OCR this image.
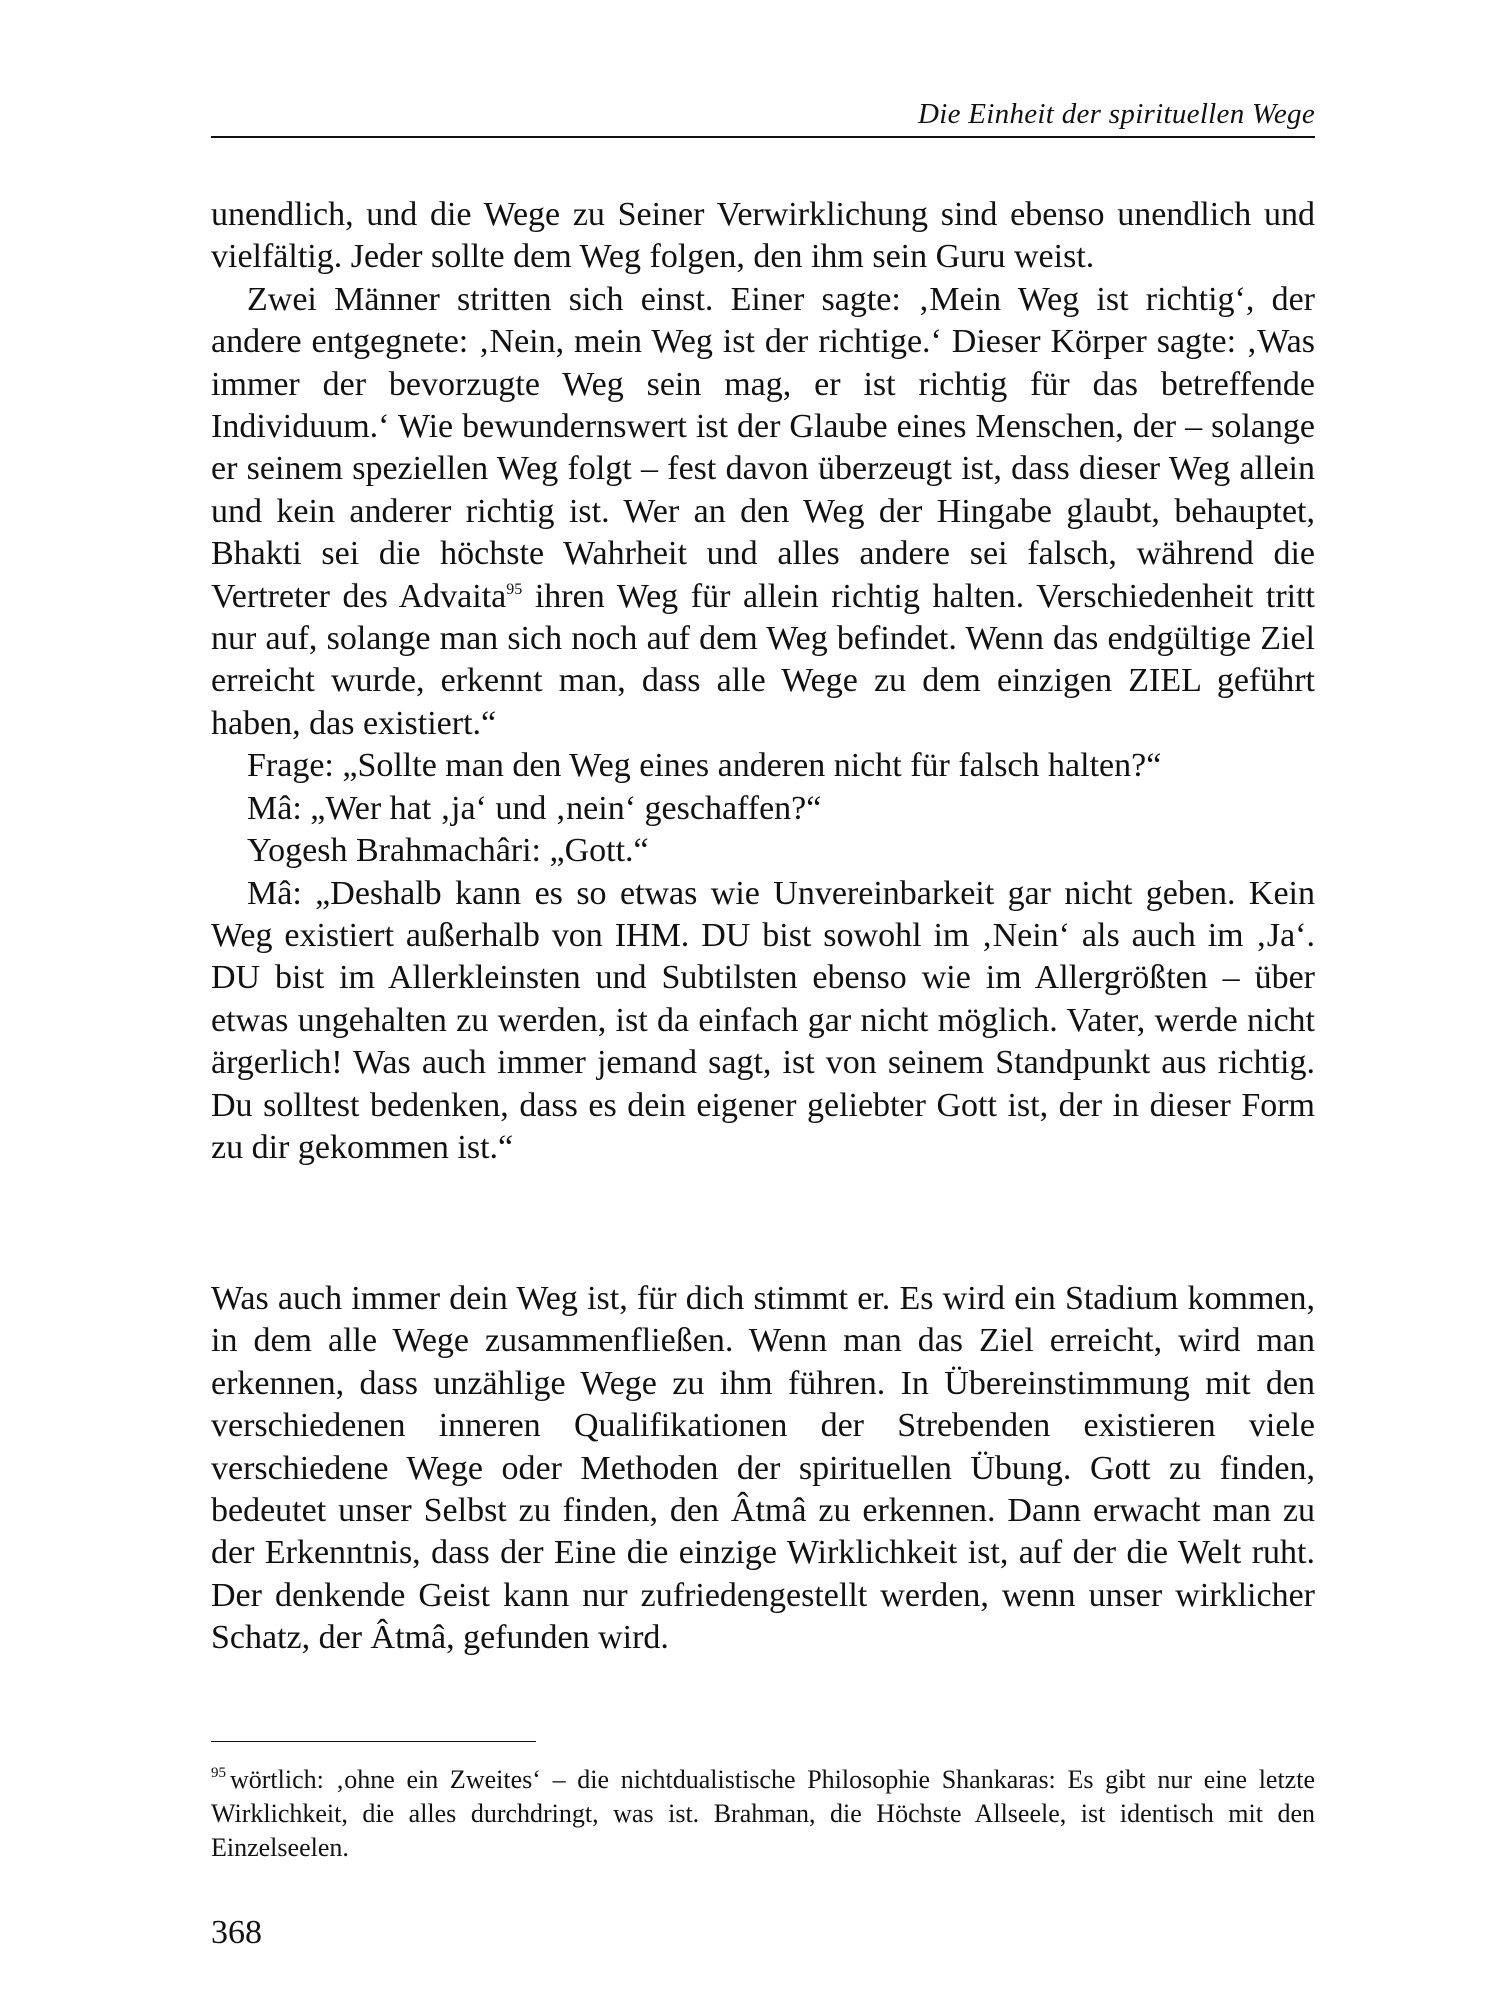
Die Einheit der spirituellen Wege

unendlich, und die Wege zu Seiner Verwirklichung sind ebenso unendlich und vielfältig. Jeder sollte dem Weg folgen, den ihm sein Guru weist.

Zwei Männer stritten sich einst. Einer sagte: ‚Mein Weg ist richtig‘, der andere entgegnete: ‚Nein, mein Weg ist der richtige.‘ Dieser Körper sagte: ‚Was immer der bevorzugte Weg sein mag, er ist richtig für das betreffende Individuum.‘ Wie bewundernswert ist der Glaube eines Menschen, der – solange er seinem speziellen Weg folgt – fest davon überzeugt ist, dass dieser Weg allein und kein anderer richtig ist. Wer an den Weg der Hingabe glaubt, behauptet, Bhakti sei die höchste Wahrheit und alles andere sei falsch, während die Vertreter des Advaita$^{95}$ ihren Weg für allein richtig halten. Verschiedenheit tritt nur auf, solange man sich noch auf dem Weg befindet. Wenn das endgültige Ziel erreicht wurde, erkennt man, dass alle Wege zu dem einzigen ZIEL geführt haben, das existiert.“

Frage: „Sollte man den Weg eines anderen nicht für falsch halten?“

Mâ: „Wer hat ‚ja‘ und ‚nein‘ geschaffen?“

Yogesh Brahmachâri: „Gott.“

Mâ: „Deshalb kann es so etwas wie Unvereinbarkeit gar nicht geben. Kein Weg existiert außerhalb von IHM. DU bist sowohl im ‚Nein‘ als auch im ‚Ja‘. DU bist im Allerkleinsten und Subtilsten ebenso wie im Allergrößten – über etwas ungehalten zu werden, ist da einfach gar nicht möglich. Vater, werde nicht ärgerlich! Was auch immer jemand sagt, ist von seinem Standpunkt aus richtig. Du solltest bedenken, dass es dein eigener geliebter Gott ist, der in dieser Form zu dir gekommen ist.“

Was auch immer dein Weg ist, für dich stimmt er. Es wird ein Stadium kommen, in dem alle Wege zusammenfließen. Wenn man das Ziel erreicht, wird man erkennen, dass unzählige Wege zu ihm führen. In Übereinstimmung mit den verschiedenen inneren Qualifikationen der Strebenden existieren viele verschiedene Wege oder Methoden der spirituellen Übung. Gott zu finden, bedeutet unser Selbst zu finden, den Âtmâ zu erkennen. Dann erwacht man zu der Erkenntnis, dass der Eine die einzige Wirklichkeit ist, auf der die Welt ruht. Der denkende Geist kann nur zufriedengestellt werden, wenn unser wirklicher Schatz, der Âtmâ, gefunden wird.

$^{95}$ wörtlich: ‚ohne ein Zweites‘ – die nichtdualistische Philosophie Shankaras: Es gibt nur eine letzte Wirklichkeit, die alles durchdringt, was ist. Brahman, die Höchste Allseele, ist identisch mit den Einzelseelen.

368
